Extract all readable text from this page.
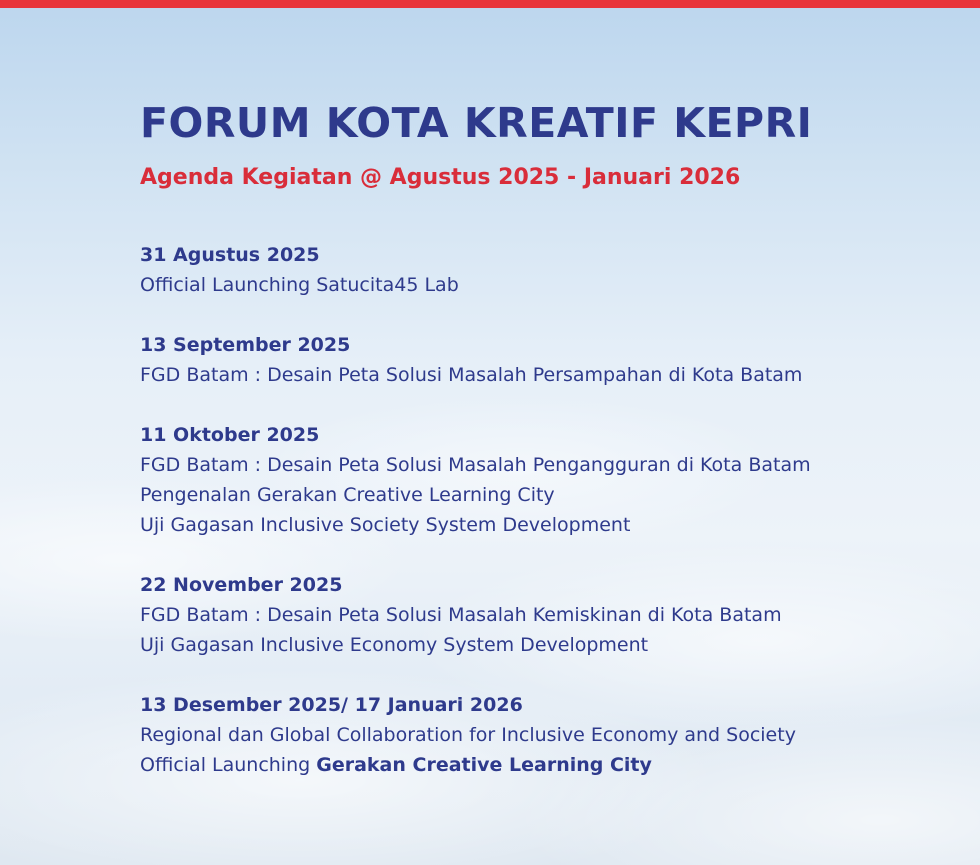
FORUM KOTA KREATIF KEPRI
Agenda Kegiatan @ Agustus 2025 - Januari 2026
31 Agustus 2025
Official Launching Satucita45 Lab
13 September 2025
FGD Batam : Desain Peta Solusi Masalah Persampahan di Kota Batam
11 Oktober 2025
FGD Batam : Desain Peta Solusi Masalah Pengangguran di Kota Batam
Pengenalan Gerakan Creative Learning City
Uji Gagasan Inclusive Society System Development
22 November 2025
FGD Batam : Desain Peta Solusi Masalah Kemiskinan di Kota Batam
Uji Gagasan Inclusive Economy System Development
13 Desember 2025/ 17 Januari 2026
Regional dan Global Collaboration for Inclusive Economy and Society
Official Launching Gerakan Creative Learning City
